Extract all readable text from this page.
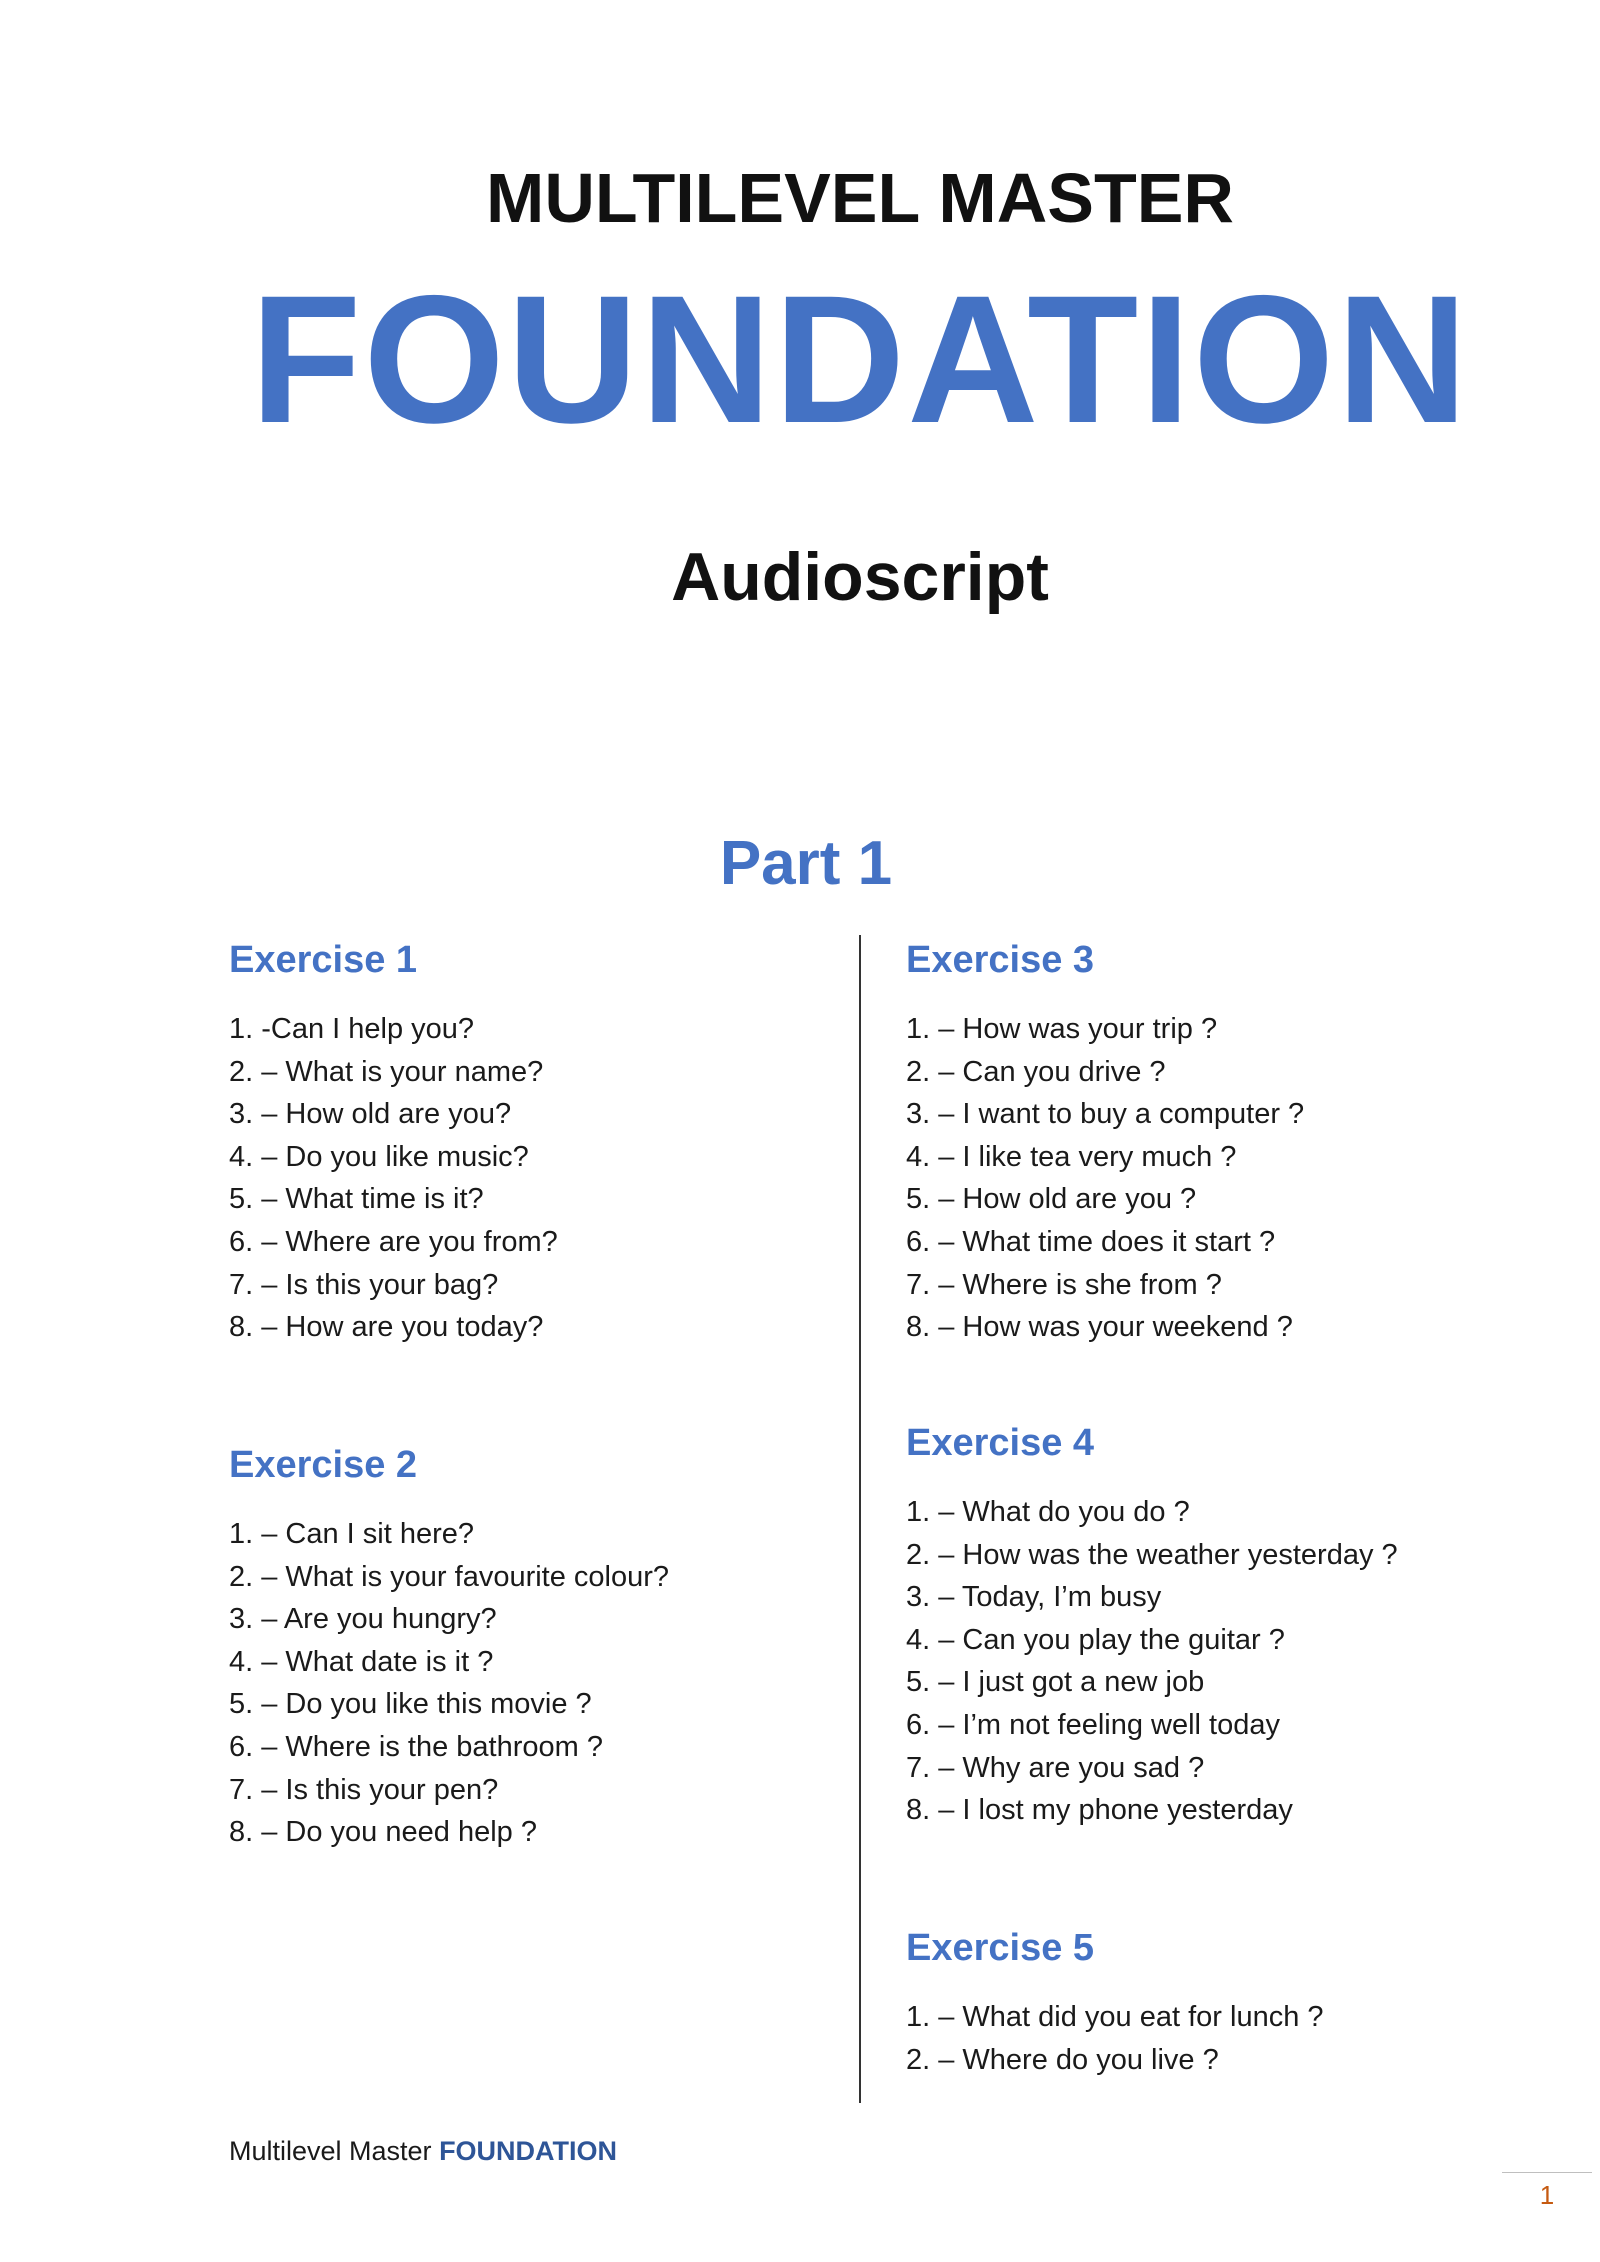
MULTILEVEL MASTER
FOUNDATION
Audioscript
Part 1
Exercise 1
1. -Can I help you?
2. – What is your name?
3. – How old are you?
4. – Do you like music?
5. – What time is it?
6. – Where are you from?
7. – Is this your bag?
8. – How are you today?
Exercise 2
1. – Can I sit here?
2. – What is your favourite colour?
3. – Are you hungry?
4. – What date is it ?
5. – Do you like this movie ?
6. – Where is the bathroom ?
7. – Is this your pen?
8. – Do you need help ?
Exercise 3
1. – How was your trip ?
2. – Can you drive ?
3. – I want to buy a computer ?
4. – I like tea very much ?
5. – How old are you ?
6. – What time does it start ?
7. – Where is she from ?
8. – How was your weekend ?
Exercise 4
1. – What do you do ?
2. – How was the weather yesterday ?
3. – Today, I’m busy
4. – Can you play the guitar ?
5. – I just got a new job
6. – I’m not feeling well today
7. – Why are you sad ?
8. – I lost my phone yesterday
Exercise 5
1. – What did you eat for lunch ?
2. – Where do you live ?
Multilevel Master FOUNDATION
1
